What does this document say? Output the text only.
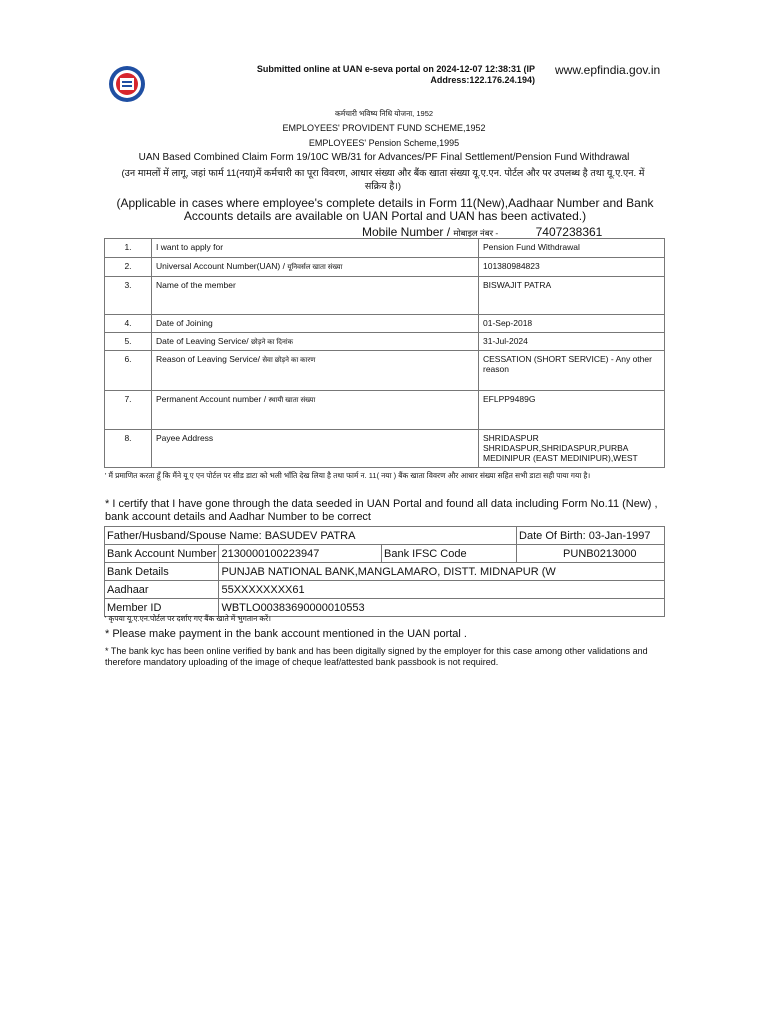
Submitted online at UAN e-seva portal on 2024-12-07 12:38:31 (IP Address:122.176.24.194)
www.epfindia.gov.in
कर्मचारी भविष्य निधि योजना, 1952
EMPLOYEES' PROVIDENT FUND SCHEME,1952
EMPLOYEES' Pension Scheme,1995
UAN Based Combined Claim Form 19/10C WB/31 for Advances/PF Final Settlement/Pension Fund Withdrawal
(उन मामलों में लागू, जहां फार्म 11(नया)में कर्मचारी का पूरा विवरण, आधार संख्या और बैंक खाता संख्या यू.ए.एन. पोर्टल और पर उपलब्ध है तथा यू.ए.एन. में सक्रिय है।)
(Applicable in cases where employee's complete details in Form 11(New),Aadhaar Number and Bank Accounts details are available on UAN Portal and UAN has been activated.)
Mobile Number / मोबाइल नंबर -	7407238361
1.	I want to apply for	Pension Fund Withdrawal
2.	Universal Account Number(UAN) / यूनिवर्सल खाता संख्या	101380984823
3.	Name of the member	BISWAJIT PATRA
4.	Date of Joining	01-Sep-2018
5.	Date of Leaving Service/ छोड़ने का दिनांक	31-Jul-2024
6.	Reason of Leaving Service/ सेवा छोड़ने का कारण	CESSATION (SHORT SERVICE) - Any other reason
7.	Permanent Account number / स्थायी खाता संख्या	EFLPP9489G
8.	Payee Address	SHRIDASPUR SHRIDASPUR,SHRIDASPUR,PURBA MEDINIPUR (EAST MEDINIPUR),WEST
' मैं प्रमाणित करता हूँ कि मैंने यू ए एन पोर्टल पर सीड डाटा को भली भाँति देख लिया है तथा फार्म न. 11( नया ) बैंक खाता विवरण और आधार संख्या सहित सभी डाटा सही पाया गया है।
* I certify that I have gone through the data seeded in UAN Portal and found all data including Form No.11 (New) , bank account details and Aadhar Number to be correct
Father/Husband/Spouse Name: BASUDEV PATRA			Date Of Birth: 03-Jan-1997
Bank Account Number	2130000100223947	Bank IFSC Code	PUNB0213000
Bank Details	PUNJAB NATIONAL BANK,MANGLAMARO, DISTT. MIDNAPUR (W		
Aadhaar	55XXXXXXXX61		
Member ID	WBTLO00383690000010553		
' कृपया यू.ए.एन.पोर्टल पर दर्शाए गए बैंक खाते में भुगतान करें।
* Please make payment in the bank account mentioned in the UAN portal .
* The bank kyc has been online verified by bank and has been digitally signed by the employer for this case among other validations and therefore mandatory uploading of the image of cheque leaf/attested bank passbook is not required.
